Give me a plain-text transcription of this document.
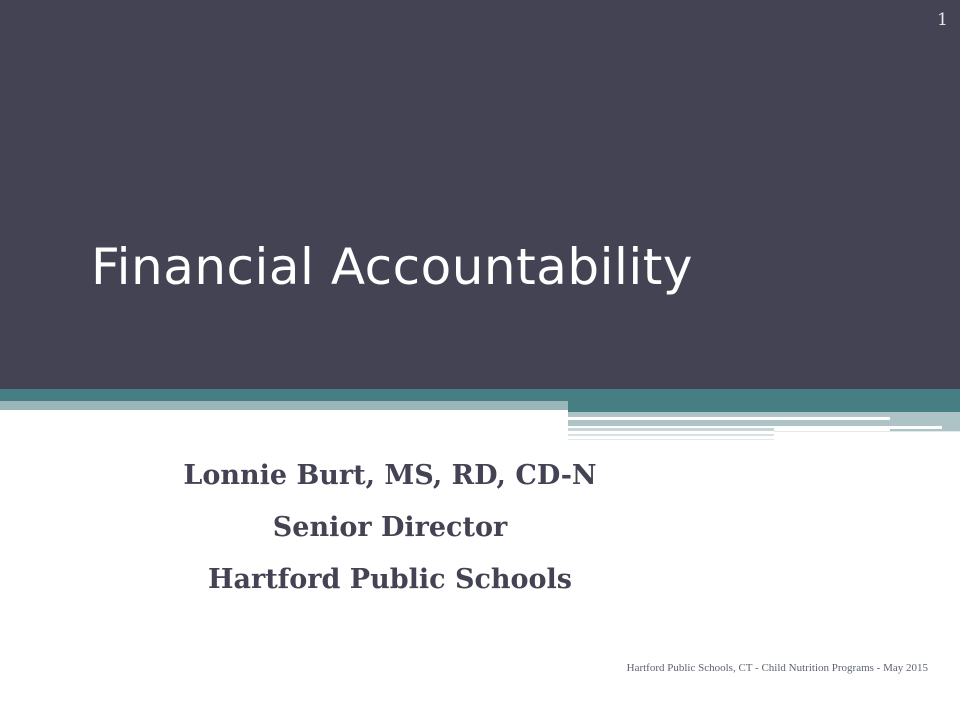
1
Financial Accountability
Lonnie Burt, MS, RD, CD-N
Senior Director
Hartford Public Schools
Hartford Public Schools, CT - Child Nutrition Programs - May 2015
